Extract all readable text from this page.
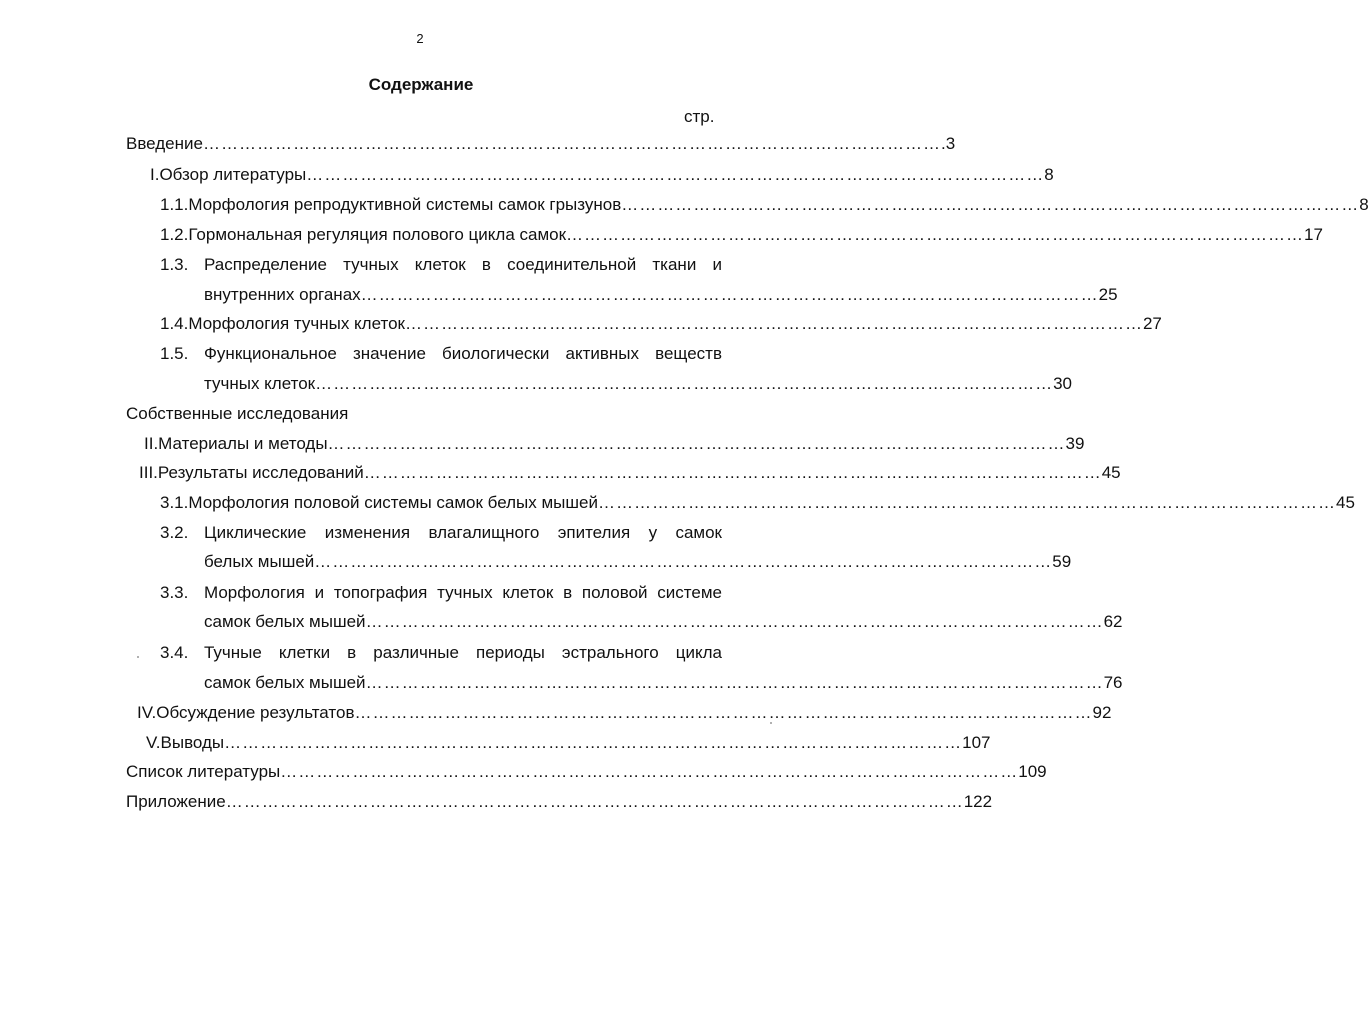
2
Содержание
стр.
Введение …………………………………………………………………………………………………………… .3
I. Обзор литературы …………………………………………………………………………………………………………… 8
1.1. Морфология репродуктивной системы самок грызунов …………………………………………………………………………………………………………… 8
1.2. Гормональная регуляция полового цикла самок …………………………………………………………………………………………………………… 17
1.3. Распределение тучных клеток в соединительной ткани и
внутренних органах …………………………………………………………………………………………………………… 25
1.4. Морфология тучных клеток …………………………………………………………………………………………………………… 27
1.5. Функциональное значение биологически активных веществ
тучных клеток …………………………………………………………………………………………………………… 30
Собственные исследования
II. Материалы и методы …………………………………………………………………………………………………………… 39
III. Результаты исследований …………………………………………………………………………………………………………… 45
3.1. Морфология половой системы самок белых мышей …………………………………………………………………………………………………………… 45
3.2. Циклические изменения влагалищного эпителия у самок
белых мышей …………………………………………………………………………………………………………… 59
3.3. Морфология и топография тучных клеток в половой системе
самок белых мышей …………………………………………………………………………………………………………… 62
3.4. Тучные клетки в различные периоды эстрального цикла
самок белых мышей …………………………………………………………………………………………………………… 76
IV. Обсуждение результатов …………………………………………………………………………………………………………… 92
V. Выводы …………………………………………………………………………………………………………… 107
Список литературы …………………………………………………………………………………………………………… 109
Приложение …………………………………………………………………………………………………………… 122
